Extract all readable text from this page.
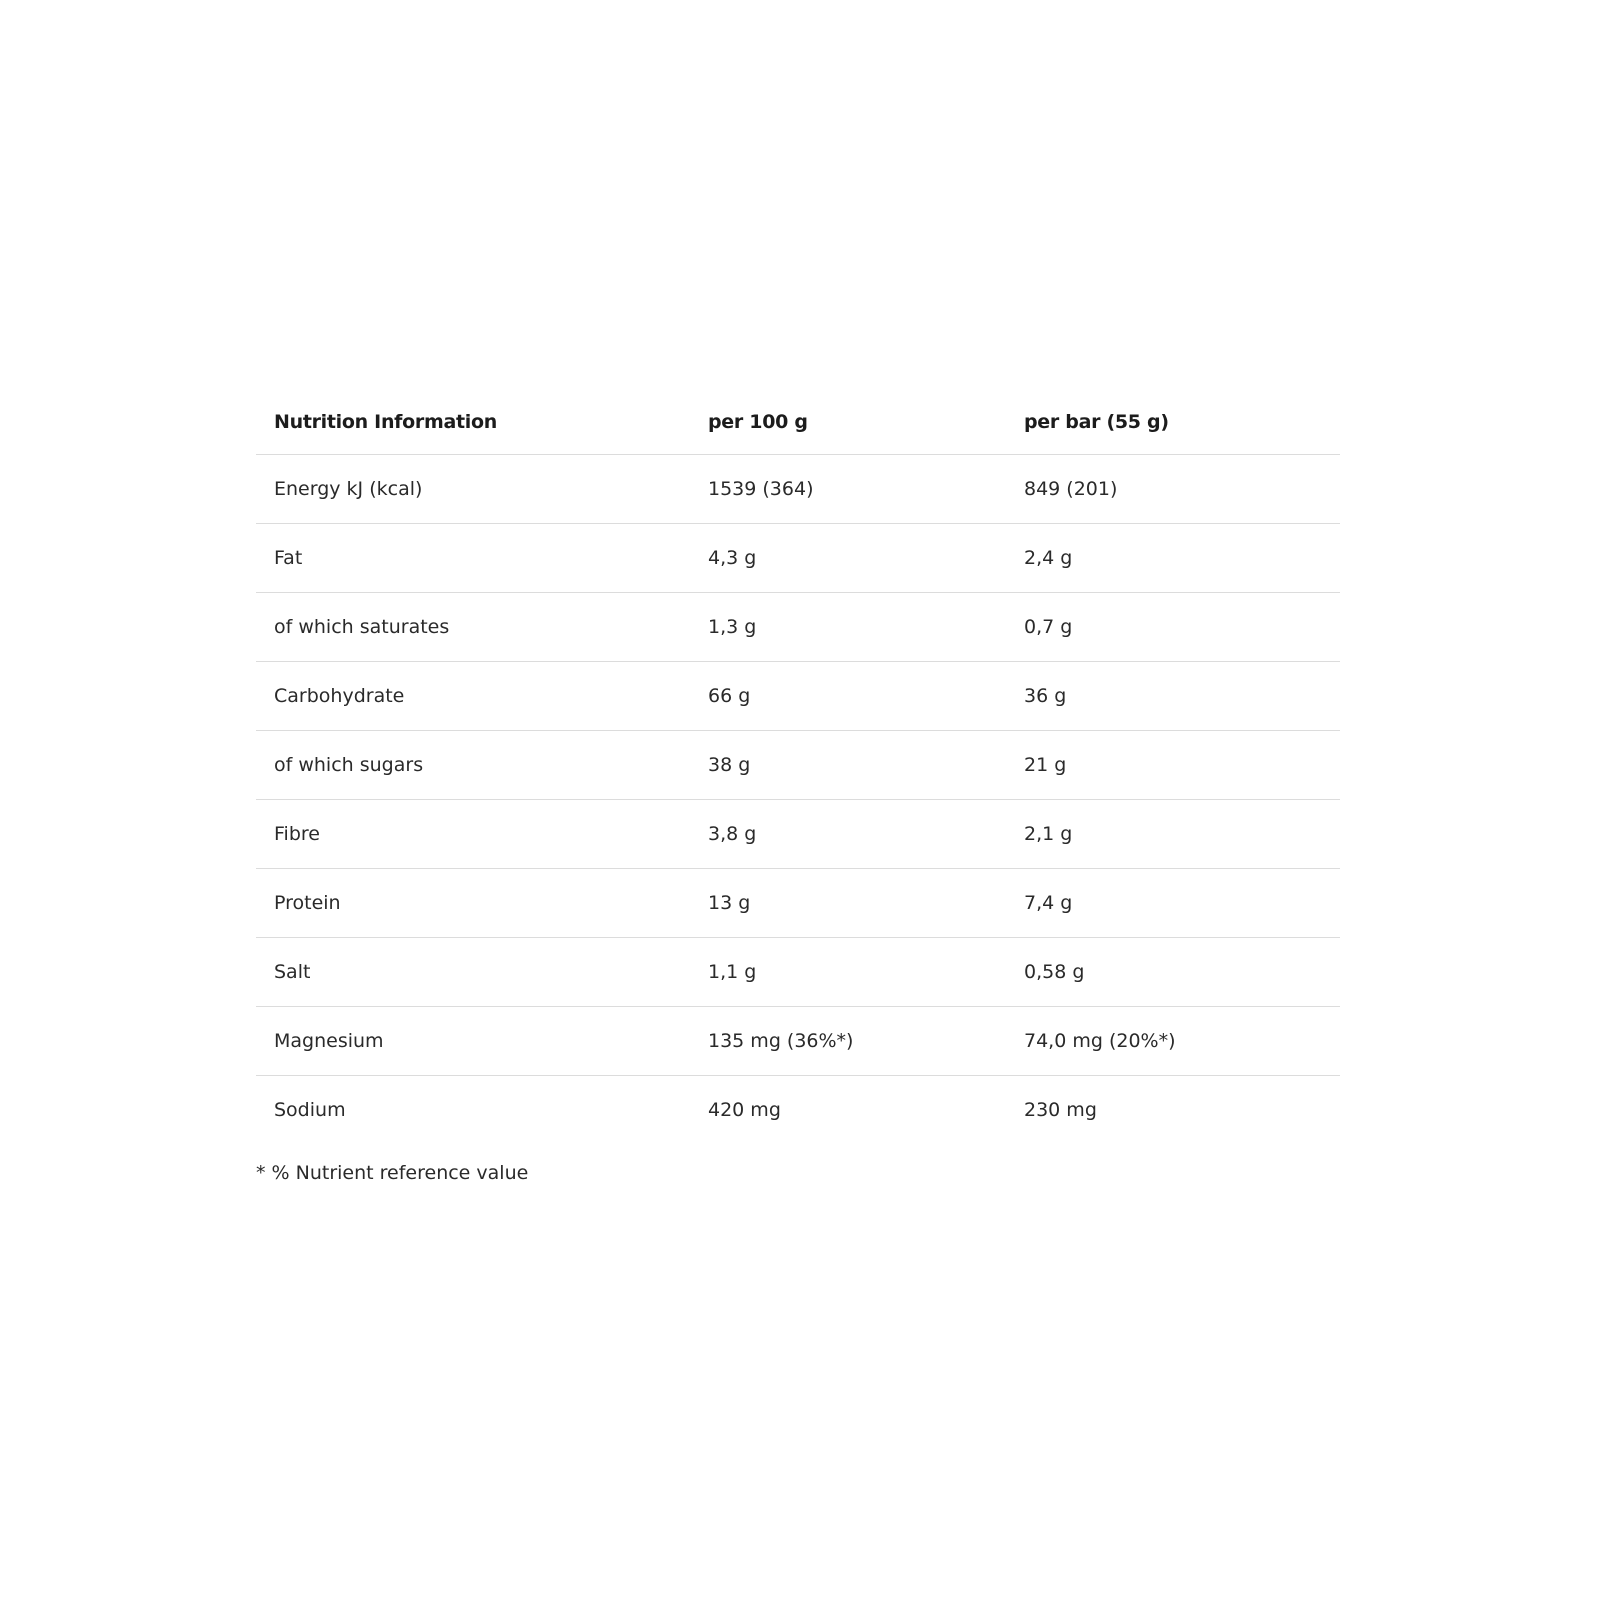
Nutrition Information	per 100 g	per bar (55 g)
Energy kJ (kcal)	1539 (364)	849 (201)
Fat	4,3 g	2,4 g
of which saturates	1,3 g	0,7 g
Carbohydrate	66 g	36 g
of which sugars	38 g	21 g
Fibre	3,8 g	2,1 g
Protein	13 g	7,4 g
Salt	1,1 g	0,58 g
Magnesium	135 mg (36%*)	74,0 mg (20%*)
Sodium	420 mg	230 mg
* % Nutrient reference value
